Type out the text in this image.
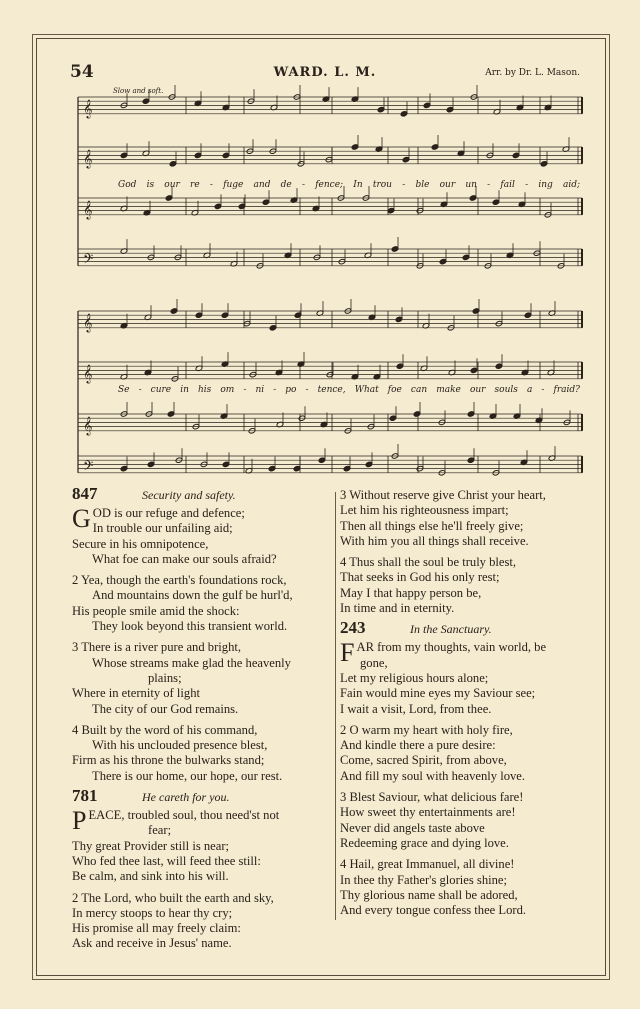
54	WARD. L. M.	Arr. by Dr. L. Mason.
Slow and soft.
𝄞
𝄞
𝄞
𝄢
𝄞
𝄞
𝄞
𝄢
God is our re - fuge and de - fence; In trou - ble our un - fail - ing aid;
Se - cure in his om - ni - po - tence, What foe can make our souls a - fraid?
847	Security and safety.
G OD is our refuge and defence;
In trouble our unfailing aid;
Secure in his omnipotence,
What foe can make our souls afraid?
2 Yea, though the earth's foundations rock,
And mountains down the gulf be hurl'd,
His people smile amid the shock:
They look beyond this transient world.
3 There is a river pure and bright,
Whose streams make glad the heavenly
plains;
Where in eternity of light
The city of our God remains.
4 Built by the word of his command,
With his unclouded presence blest,
Firm as his throne the bulwarks stand;
There is our home, our hope, our rest.
781	He careth for you.
P EACE, troubled soul, thou need'st not
fear;
Thy great Provider still is near;
Who fed thee last, will feed thee still:
Be calm, and sink into his will.
2 The Lord, who built the earth and sky,
In mercy stoops to hear thy cry;
His promise all may freely claim:
Ask and receive in Jesus' name.
3 Without reserve give Christ your heart,
Let him his righteousness impart;
Then all things else he'll freely give;
With him you all things shall receive.
4 Thus shall the soul be truly blest,
That seeks in God his only rest;
May I that happy person be,
In time and in eternity.
243	In the Sanctuary.
F AR from my thoughts, vain world, be
gone,
Let my religious hours alone;
Fain would mine eyes my Saviour see;
I wait a visit, Lord, from thee.
2 O warm my heart with holy fire,
And kindle there a pure desire:
Come, sacred Spirit, from above,
And fill my soul with heavenly love.
3 Blest Saviour, what delicious fare!
How sweet thy entertainments are!
Never did angels taste above
Redeeming grace and dying love.
4 Hail, great Immanuel, all divine!
In thee thy Father's glories shine;
Thy glorious name shall be adored,
And every tongue confess thee Lord.
